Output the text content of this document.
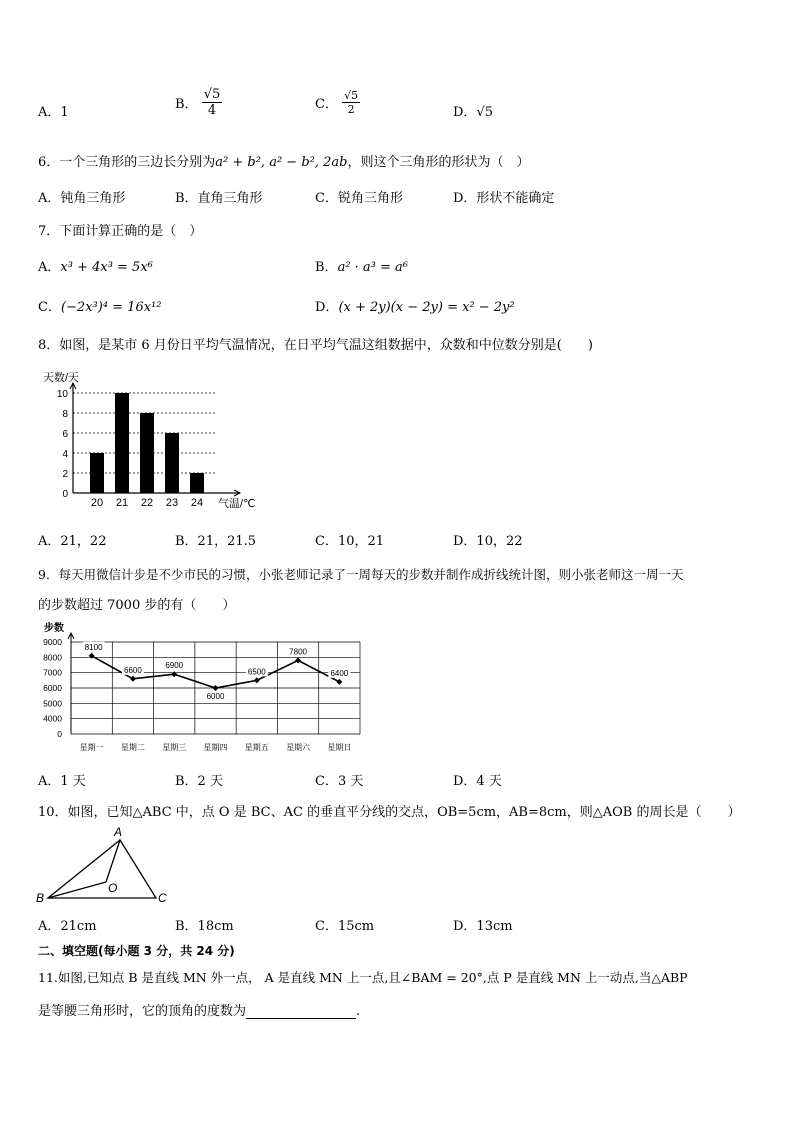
A．1
B． $\frac{√5}{4}$	C． $\frac{√5}{2}$	D．√5
6．一个三角形的三边长分别为a² + b², a² − b², 2ab，则这个三角形的形状为（　）
A．钝角三角形	B．直角三角形	C．锐角三角形	D．形状不能确定
7．下面计算正确的是（　）
A．x³ + 4x³ = 5x⁶	B．a² · a³ = a⁶
C．(−2x³)⁴ = 16x¹²	D．(x + 2y)(x − 2y) = x² − 2y²
8．如图，是某市 6 月份日平均气温情况，在日平均气温这组数据中，众数和中位数分别是(　　)
天数/天
0
2
4
6
8
10
20 21 22 23 24 气温/℃
A．21，22	B．21，21.5	C．10，21	D．10，22
9．每天用微信计步是不少市民的习惯，小张老师记录了一周每天的步数并制作成折线统计图，则小张老师这一周一天
的步数超过 7000 步的有（　　）
步数
0
4000
5000
6000
7000
8000
9000
星期一 星期二 星期三 星期四 星期五 星期六 星期日
8100
6600
6900
6000
6500
7800
6400
A．1 天	B．2 天	C．3 天	D．4 天
10．如图，已知△ABC 中，点 O 是 BC、AC 的垂直平分线的交点，OB=5cm，AB=8cm，则△AOB 的周长是（　　）
A
B	C
O
A．21cm	B．18cm	C．15cm	D．13cm
二、填空题(每小题 3 分，共 24 分)
11.如图,已知点 B 是直线 MN 外一点， A 是直线 MN 上一点,且∠BAM = 20°,点 P 是直线 MN 上一动点,当△ABP
是等腰三角形时，它的顶角的度数为	.
